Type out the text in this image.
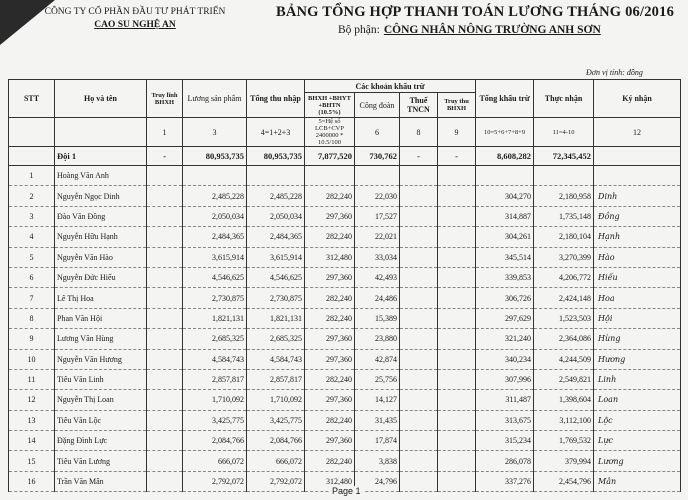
CÔNG TY CỔ PHẦN ĐẦU TƯ PHÁT TRIỂN
CAO SU NGHỆ AN
BẢNG TỔNG HỢP THANH TOÁN LƯƠNG THÁNG 06/2016
Bộ phận: CÔNG NHÂN NÔNG TRƯỜNG ANH SƠN
Đơn vị tính: đồng
STT	Họ và tên	Truy lĩnh BHXH	Lương sản phẩm	Tổng thu nhập	Các khoản khấu trừ				Tổng khấu trừ	Thực nhận	Ký nhận
					BHXH +BHYT +BHTN (10.5%)	Công đoàn	Thuế TNCN	Truy thu BHXH			
		1	3	4=1+2+3	5=Hệ số LCB+CVP 2400000 * 10.5/100	6	8	9	10=5+6+7+8+9	11=4-10	12
	Đội 1	-	80,953,735	80,953,735	7,877,520	730,762	-	-	8,608,282	72,345,452	
1	Hoàng Văn Anh										
2	Nguyễn Ngọc Dinh		2,485,228	2,485,228	282,240	22,030			304,270	2,180,958	Dinh
3	Đào Văn Đồng		2,050,034	2,050,034	297,360	17,527			314,887	1,735,148	Đồng
4	Nguyễn Hữu Hạnh		2,484,365	2,484,365	282,240	22,021			304,261	2,180,104	Hạnh
5	Nguyễn Văn Hào		3,615,914	3,615,914	312,480	33,034			345,514	3,270,399	Hào
6	Nguyễn Đức Hiếu		4,546,625	4,546,625	297,360	42,493			339,853	4,206,772	Hiếu
7	Lê Thị Hoa		2,730,875	2,730,875	282,240	24,486			306,726	2,424,148	Hoa
8	Phan Văn Hội		1,821,131	1,821,131	282,240	15,389			297,629	1,523,503	Hội
9	Lương Văn Hùng		2,685,325	2,685,325	297,360	23,880			321,240	2,364,086	Hùng
10	Nguyễn Văn Hương		4,584,743	4,584,743	297,360	42,874			340,234	4,244,509	Hương
11	Tiêu Văn Linh		2,857,817	2,857,817	282,240	25,756			307,996	2,549,821	Linh
12	Nguyễn Thị Loan		1,710,092	1,710,092	297,360	14,127			311,487	1,398,604	Loan
13	Tiêu Văn Lộc		3,425,775	3,425,775	282,240	31,435			313,675	3,112,100	Lộc
14	Đặng Đình Lực		2,084,766	2,084,766	297,360	17,874			315,234	1,769,532	Lực
15	Tiêu Văn Lương		666,072	666,072	282,240	3,838			286,078	379,994	Lương
16	Trần Văn Mân		2,792,072	2,792,072	312,480	24,796			337,276	2,454,796	Mân
Page 1
